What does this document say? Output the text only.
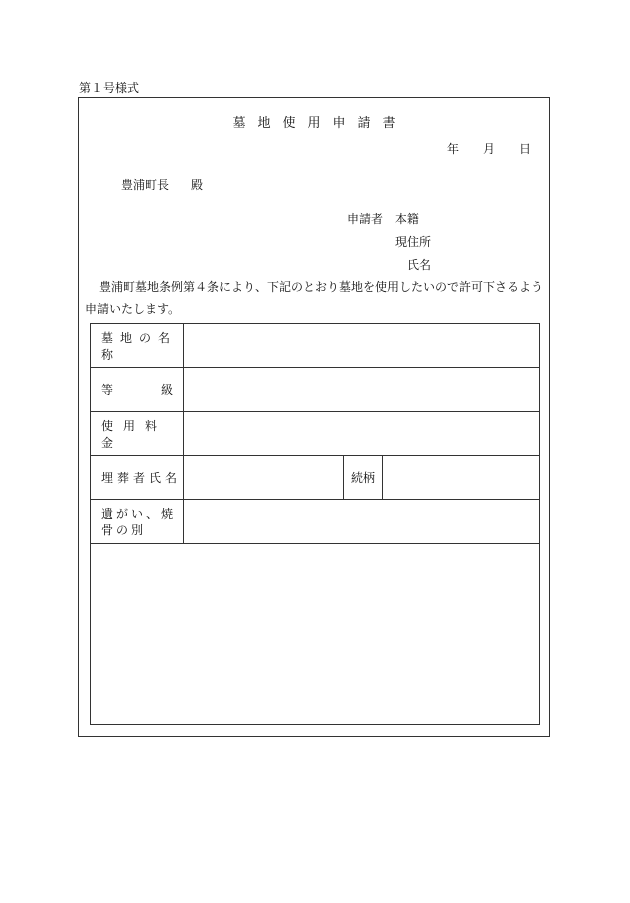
第１号様式
墓地使用申請書
年 月 日
豊浦町長 殿
申請者 本籍
現住所
氏名
豊浦町墓地条例第４条により、下記のとおり墓地を使用したいので許可下さるよう申請いたします。
墓地の名称
等	級
使用料金
埋葬者氏名	続柄
遺がい、焼
骨の別
